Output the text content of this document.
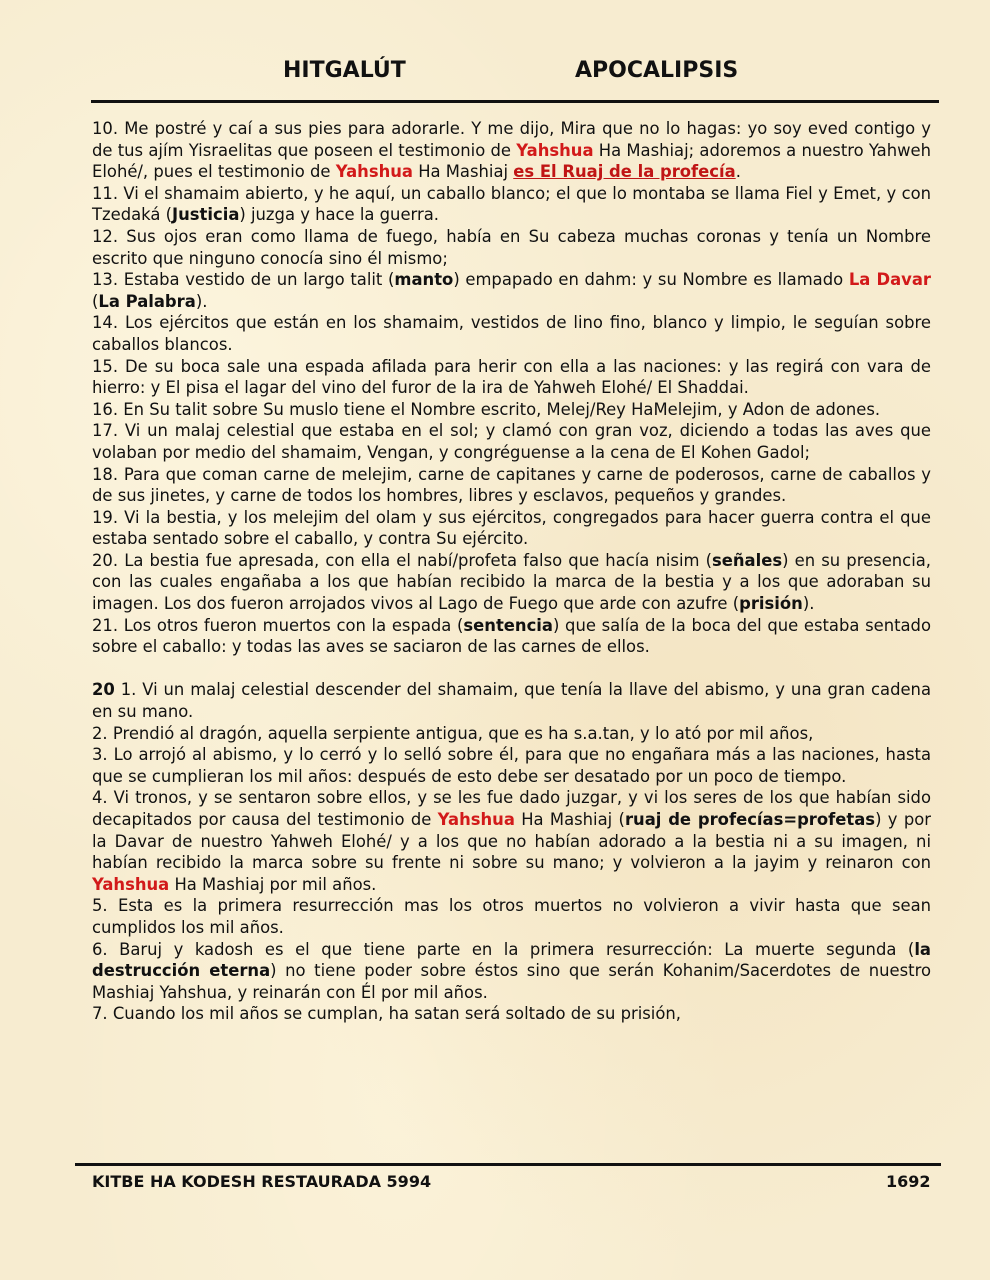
HITGALÚT	APOCALIPSIS

10. Me postré y caí a sus pies para adorarle. Y me dijo, Mira que no lo hagas: yo soy eved contigo y de tus ajím Yisraelitas que poseen el testimonio de Yahshua Ha Mashiaj; adoremos a nuestro Yahweh Elohé/, pues el testimonio de Yahshua Ha Mashiaj es El Ruaj de la profecía.

11. Vi el shamaim abierto, y he aquí, un caballo blanco; el que lo montaba se llama Fiel y Emet, y con Tzedaká (Justicia) juzga y hace la guerra.

12. Sus ojos eran como llama de fuego, había en Su cabeza muchas coronas y tenía un Nombre escrito que ninguno conocía sino él mismo;

13. Estaba vestido de un largo talit (manto) empapado en dahm: y su Nombre es llamado La Davar (La Palabra).

14. Los ejércitos que están en los shamaim, vestidos de lino fino, blanco y limpio, le seguían sobre caballos blancos.

15. De su boca sale una espada afilada para herir con ella a las naciones: y las regirá con vara de hierro: y El pisa el lagar del vino del furor de la ira de Yahweh Elohé/ El Shaddai.

16. En Su talit sobre Su muslo tiene el Nombre escrito, Melej/Rey HaMelejim, y Adon de adones.

17. Vi un malaj celestial que estaba en el sol; y clamó con gran voz, diciendo a todas las aves que volaban por medio del shamaim, Vengan, y congréguense a la cena de El Kohen Gadol;

18. Para que coman carne de melejim, carne de capitanes y carne de poderosos, carne de caballos y de sus jinetes, y carne de todos los hombres, libres y esclavos, pequeños y grandes.

19. Vi la bestia, y los melejim del olam y sus ejércitos, congregados para hacer guerra contra el que estaba sentado sobre el caballo, y contra Su ejército.

20. La bestia fue apresada, con ella el nabí/profeta falso que hacía nisim (señales) en su presencia, con las cuales engañaba a los que habían recibido la marca de la bestia y a los que adoraban su imagen. Los dos fueron arrojados vivos al Lago de Fuego que arde con azufre (prisión).

21. Los otros fueron muertos con la espada (sentencia) que salía de la boca del que estaba sentado sobre el caballo: y todas las aves se saciaron de las carnes de ellos.

20 1. Vi un malaj celestial descender del shamaim, que tenía la llave del abismo, y una gran cadena en su mano.

2. Prendió al dragón, aquella serpiente antigua, que es ha s.a.tan, y lo ató por mil años,

3. Lo arrojó al abismo, y lo cerró y lo selló sobre él, para que no engañara más a las naciones, hasta que se cumplieran los mil años: después de esto debe ser desatado por un poco de tiempo.

4. Vi tronos, y se sentaron sobre ellos, y se les fue dado juzgar, y vi los seres de los que habían sido decapitados por causa del testimonio de Yahshua Ha Mashiaj (ruaj de profecías=profetas) y por la Davar de nuestro Yahweh Elohé/ y a los que no habían adorado a la bestia ni a su imagen, ni habían recibido la marca sobre su frente ni sobre su mano; y volvieron a la jayim y reinaron con Yahshua Ha Mashiaj por mil años.

5. Esta es la primera resurrección mas los otros muertos no volvieron a vivir hasta que sean cumplidos los mil años.

6. Baruj y kadosh es el que tiene parte en la primera resurrección: La muerte segunda (la destrucción eterna) no tiene poder sobre éstos sino que serán Kohanim/Sacerdotes de nuestro Mashiaj Yahshua, y reinarán con Él por mil años.

7. Cuando los mil años se cumplan, ha satan será soltado de su prisión,

KITBE HA KODESH RESTAURADA 5994	1692
